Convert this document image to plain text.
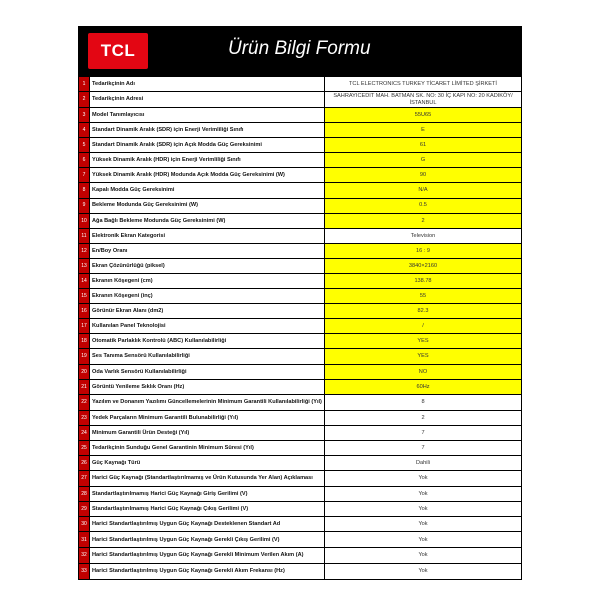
TCL	Ürün Bilgi Formu
1	Tedarikçinin Adı	TCL ELECTRONICS TURKEY TİCARET LİMİTED ŞİRKETİ
2	Tedarikçinin Adresi	SAHRAYICEDIT MAH. BATMAN SK. NO: 30 İÇ KAPI NO: 20 KADIKÖY/ İSTANBUL
3	Model Tanımlayıcısı	55U65
4	Standart Dinamik Aralık (SDR) için Enerji Verimliliği Sınıfı	E
5	Standart Dinamik Aralık (SDR) için Açık Modda Güç Gereksinimi	61
6	Yüksek Dinamik Aralık (HDR) için Enerji Verimliliği Sınıfı	G
7	Yüksek Dinamik Aralık (HDR) Modunda Açık Modda Güç Gereksinimi (W)	90
8	Kapalı Modda Güç Gereksinimi	N/A
9	Bekleme Modunda Güç Gereksinimi (W)	0.5
10	Ağa Bağlı Bekleme Modunda Güç Gereksinimi (W)	2
11	Elektronik Ekran Kategorisi	Television
12	En/Boy Oranı	16 : 9
13	Ekran Çözünürlüğü (piksel)	3840×2160
14	Ekranın Köşegeni (cm)	138.78
15	Ekranın Köşegeni (inç)	55
16	Görünür Ekran Alanı (dm2)	82.3
17	Kullanılan Panel Teknolojisi	/
18	Otomatik Parlaklık Kontrolü (ABC) Kullanılabilirliği	YES
19	Ses Tanıma Sensörü Kullanılabilirliği	YES
20	Oda Varlık Sensörü Kullanılabilirliği	NO
21	Görüntü Yenileme Sıklık Oranı (Hz)	60Hz
22	Yazılım ve Donanım Yazılımı Güncellemelerinin Minimum Garantili Kullanılabilirliği (Yıl)	8
23	Yedek Parçaların Minimum Garantili Bulunabilirliği (Yıl)	2
24	Minimum Garantili Ürün Desteği (Yıl)	7
25	Tedarikçinin Sunduğu Genel Garantinin Minimum Süresi (Yıl)	7
26	Güç Kaynağı Türü	Dahili
27	Harici Güç Kaynağı (Standartlaştırılmamış ve Ürün Kutusunda Yer Alan) Açıklaması	Yok
28	Standartlaştırılmamış Harici Güç Kaynağı Giriş Gerilimi (V)	Yok
29	Standartlaştırılmamış Harici Güç Kaynağı Çıkış Gerilimi (V)	Yok
30	Harici Standartlaştırılmış Uygun Güç Kaynağı Desteklenen Standart Ad	Yok
31	Harici Standartlaştırılmış Uygun Güç Kaynağı Gerekli Çıkış Gerilimi (V)	Yok
32	Harici Standartlaştırılmış Uygun Güç Kaynağı Gerekli Minimum Verilen Akım (A)	Yok
33	Harici Standartlaştırılmış Uygun Güç Kaynağı Gerekli Akım Frekansı (Hz)	Yok
